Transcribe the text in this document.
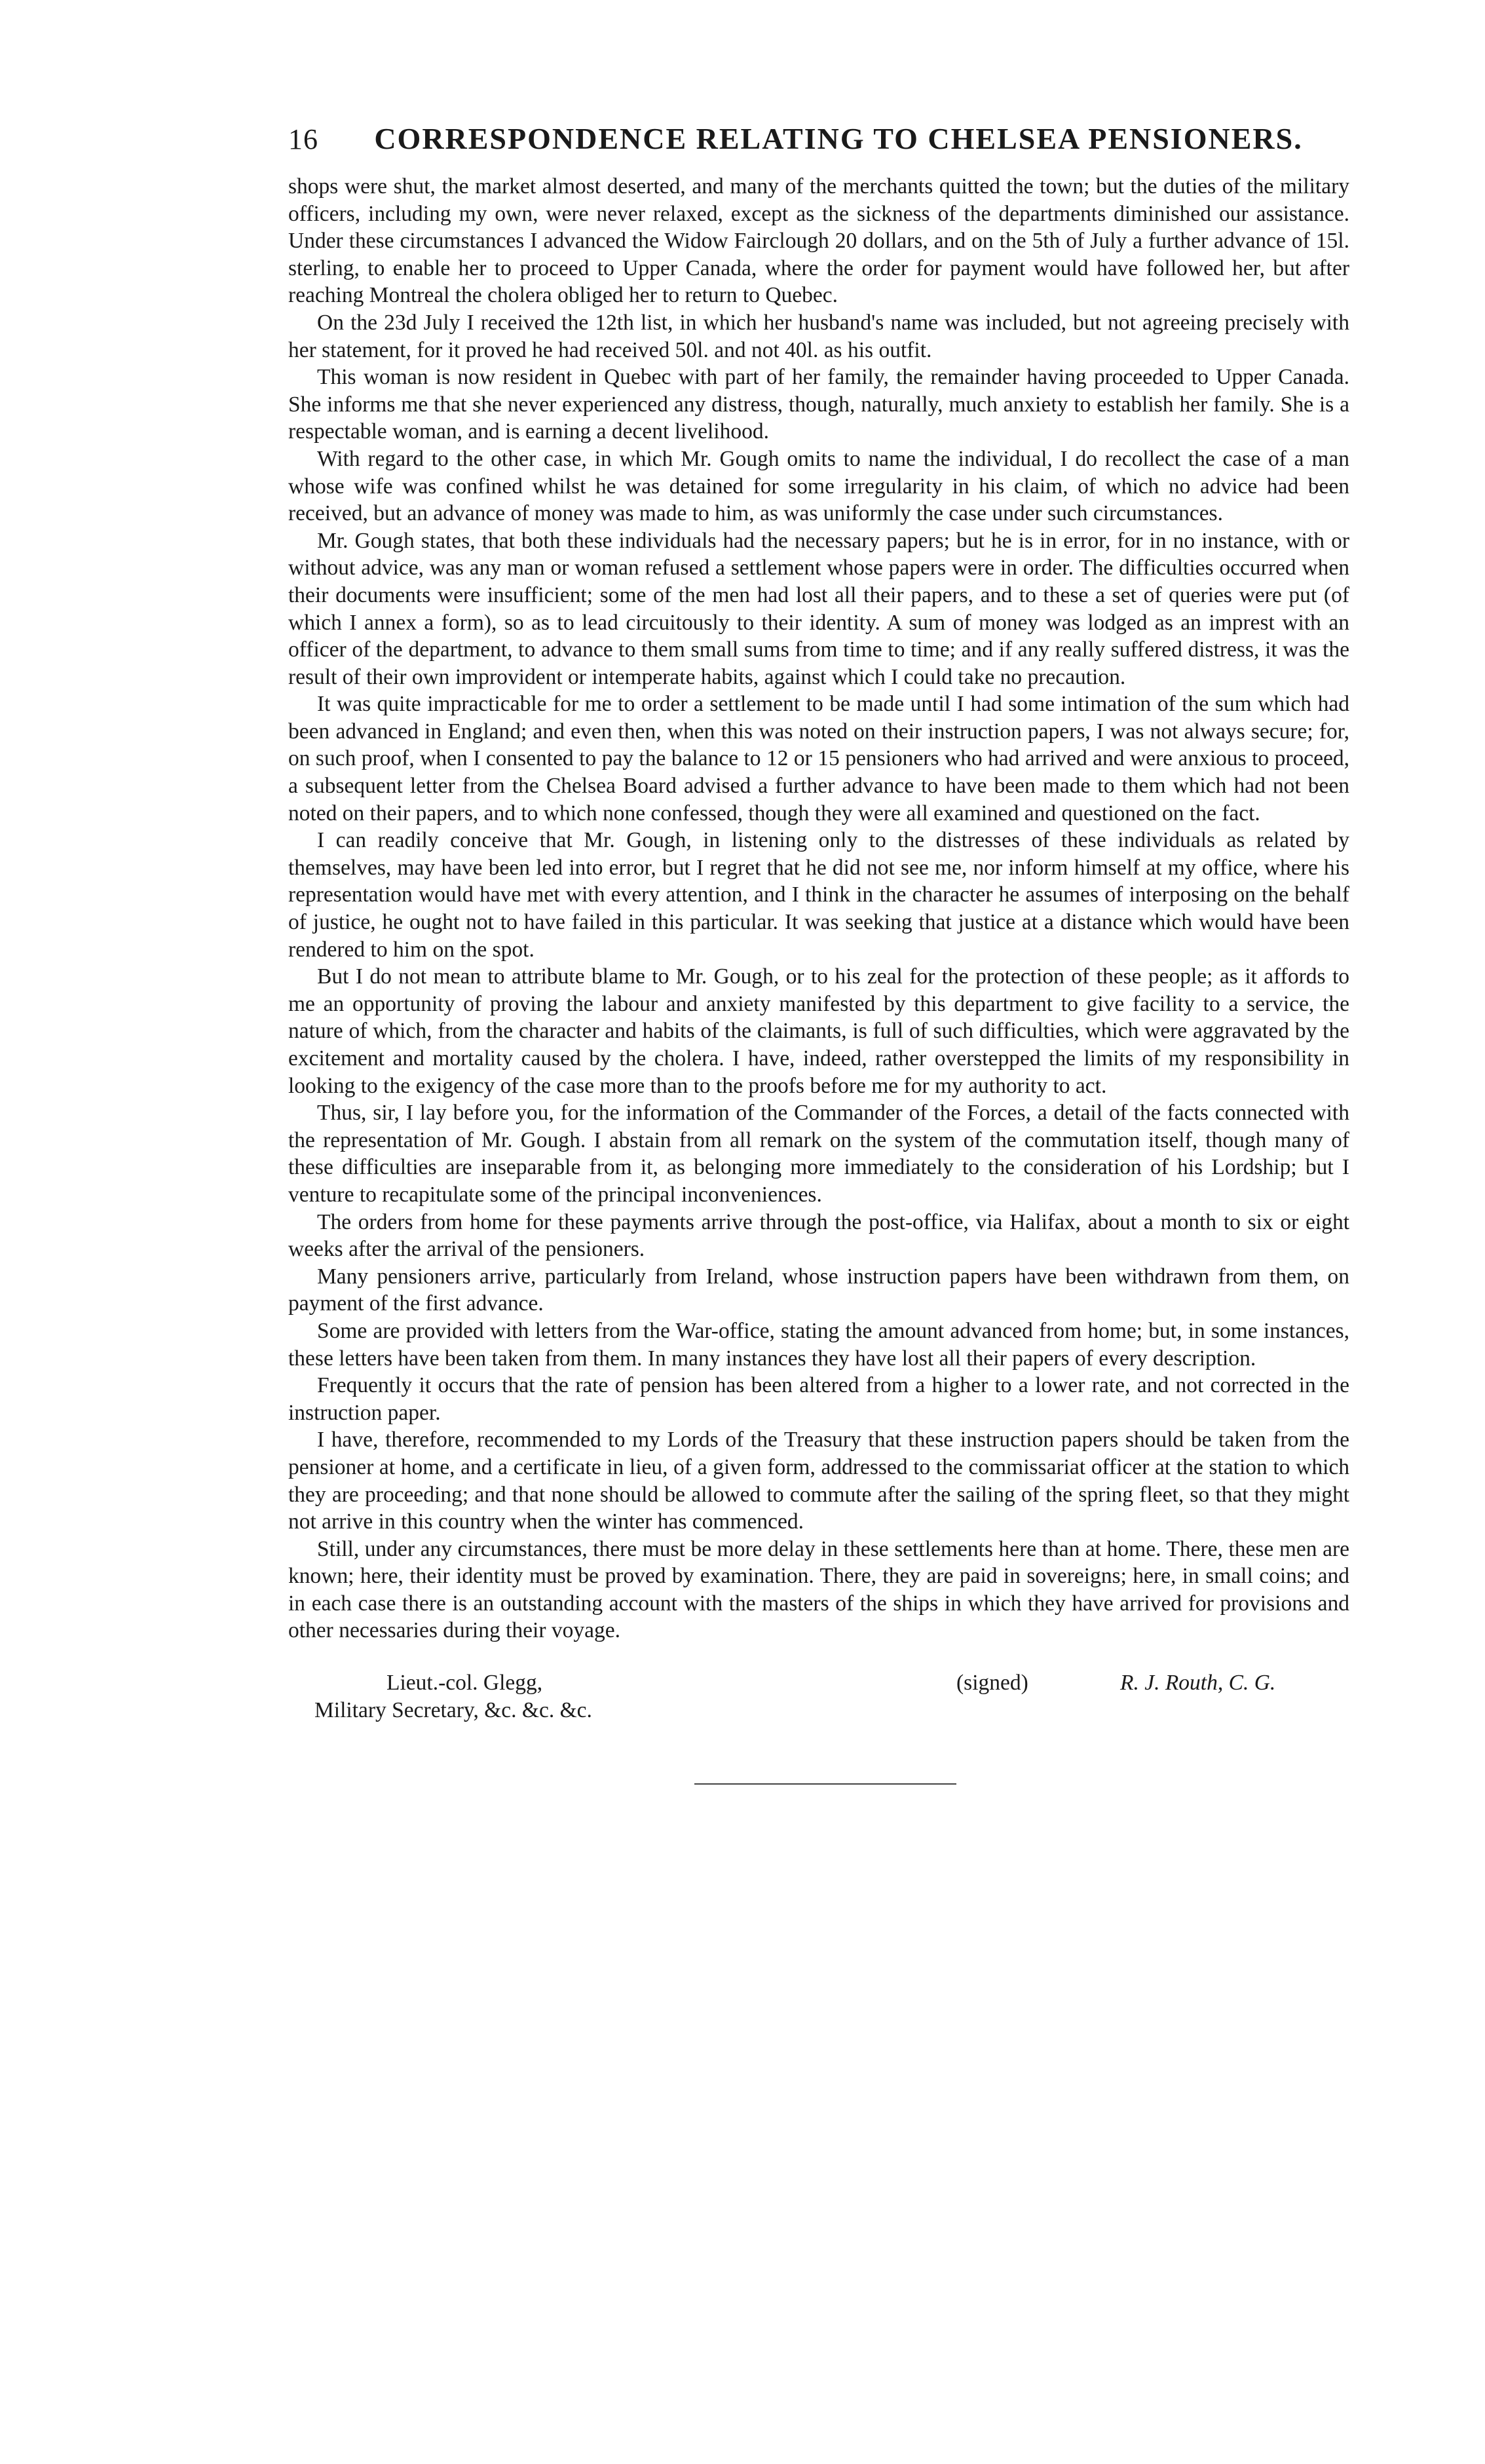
16	CORRESPONDENCE RELATING TO CHELSEA PENSIONERS.

shops were shut, the market almost deserted, and many of the merchants quitted the town; but the duties of the military officers, including my own, were never relaxed, except as the sickness of the departments diminished our assistance. Under these circumstances I advanced the Widow Fairclough 20 dollars, and on the 5th of July a further advance of 15l. sterling, to enable her to proceed to Upper Canada, where the order for payment would have followed her, but after reaching Montreal the cholera obliged her to return to Quebec.

On the 23d July I received the 12th list, in which her husband's name was included, but not agreeing precisely with her statement, for it proved he had received 50l. and not 40l. as his outfit.

This woman is now resident in Quebec with part of her family, the remainder having proceeded to Upper Canada. She informs me that she never experienced any distress, though, naturally, much anxiety to establish her family. She is a respectable woman, and is earning a decent livelihood.

With regard to the other case, in which Mr. Gough omits to name the individual, I do recollect the case of a man whose wife was confined whilst he was detained for some irregularity in his claim, of which no advice had been received, but an advance of money was made to him, as was uniformly the case under such circumstances.

Mr. Gough states, that both these individuals had the necessary papers; but he is in error, for in no instance, with or without advice, was any man or woman refused a settlement whose papers were in order. The difficulties occurred when their documents were insufficient; some of the men had lost all their papers, and to these a set of queries were put (of which I annex a form), so as to lead circuitously to their identity. A sum of money was lodged as an imprest with an officer of the department, to advance to them small sums from time to time; and if any really suffered distress, it was the result of their own improvident or intemperate habits, against which I could take no precaution.

It was quite impracticable for me to order a settlement to be made until I had some intimation of the sum which had been advanced in England; and even then, when this was noted on their instruction papers, I was not always secure; for, on such proof, when I consented to pay the balance to 12 or 15 pensioners who had arrived and were anxious to proceed, a subsequent letter from the Chelsea Board advised a further advance to have been made to them which had not been noted on their papers, and to which none confessed, though they were all examined and questioned on the fact.

I can readily conceive that Mr. Gough, in listening only to the distresses of these individuals as related by themselves, may have been led into error, but I regret that he did not see me, nor inform himself at my office, where his representation would have met with every attention, and I think in the character he assumes of interposing on the behalf of justice, he ought not to have failed in this particular. It was seeking that justice at a distance which would have been rendered to him on the spot.

But I do not mean to attribute blame to Mr. Gough, or to his zeal for the protection of these people; as it affords to me an opportunity of proving the labour and anxiety manifested by this department to give facility to a service, the nature of which, from the character and habits of the claimants, is full of such difficulties, which were aggravated by the excitement and mortality caused by the cholera. I have, indeed, rather overstepped the limits of my responsibility in looking to the exigency of the case more than to the proofs before me for my authority to act.

Thus, sir, I lay before you, for the information of the Commander of the Forces, a detail of the facts connected with the representation of Mr. Gough. I abstain from all remark on the system of the commutation itself, though many of these difficulties are inseparable from it, as belonging more immediately to the consideration of his Lordship; but I venture to recapitulate some of the principal inconveniences.

The orders from home for these payments arrive through the post-office, via Halifax, about a month to six or eight weeks after the arrival of the pensioners.

Many pensioners arrive, particularly from Ireland, whose instruction papers have been withdrawn from them, on payment of the first advance.

Some are provided with letters from the War-office, stating the amount advanced from home; but, in some instances, these letters have been taken from them. In many instances they have lost all their papers of every description.

Frequently it occurs that the rate of pension has been altered from a higher to a lower rate, and not corrected in the instruction paper.

I have, therefore, recommended to my Lords of the Treasury that these instruction papers should be taken from the pensioner at home, and a certificate in lieu, of a given form, addressed to the commissariat officer at the station to which they are proceeding; and that none should be allowed to commute after the sailing of the spring fleet, so that they might not arrive in this country when the winter has commenced.

Still, under any circumstances, there must be more delay in these settlements here than at home. There, these men are known; here, their identity must be proved by examination. There, they are paid in sovereigns; here, in small coins; and in each case there is an outstanding account with the masters of the ships in which they have arrived for provisions and other necessaries during their voyage.

Lieut.-col. Glegg,
Military Secretary, &c. &c. &c.
(signed)	R. J. Routh, C. G.
